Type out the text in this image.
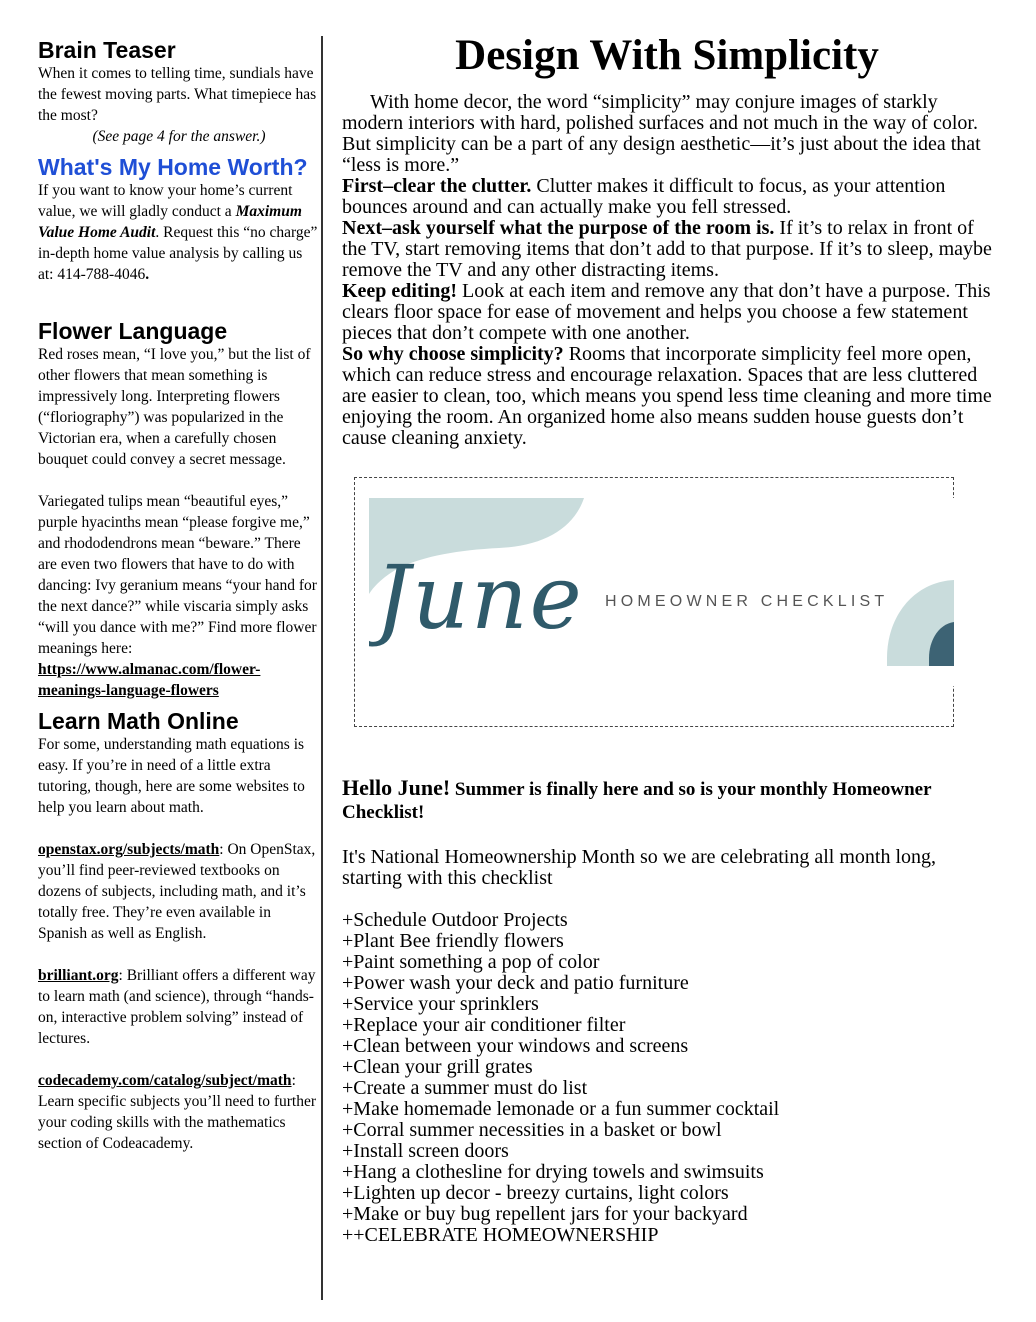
Brain Teaser

When it comes to telling time, sundials have the fewest moving parts. What timepiece has the most?

(See page 4 for the answer.)

What's My Home Worth?

If you want to know your home’s current value, we will gladly conduct a Maximum Value Home Audit. Request this “no charge” in-depth home value analysis by calling us at: 414-788-4046.

Flower Language

Red roses mean, “I love you,” but the list of other flowers that mean something is impressively long. Interpreting flowers (“floriography”) was popularized in the Victorian era, when a carefully chosen bouquet could convey a secret message.

Variegated tulips mean “beautiful eyes,” purple hyacinths mean “please forgive me,” and rhododendrons mean “beware.” There are even two flowers that have to do with dancing: Ivy geranium means “your hand for the next dance?” while viscaria simply asks “will you dance with me?” Find more flower meanings here:
https://www.almanac.com/flower-meanings-language-flowers

Learn Math Online

For some, understanding math equations is easy. If you’re in need of a little extra tutoring, though, here are some websites to help you learn about math.

openstax.org/subjects/math: On OpenStax, you’ll find peer-reviewed textbooks on dozens of subjects, including math, and it’s totally free. They’re even available in Spanish as well as English.

brilliant.org: Brilliant offers a different way to learn math (and science), through “hands-on, interactive problem solving” instead of lectures.

codecademy.com/catalog/subject/math: Learn specific subjects you’ll need to further your coding skills with the mathematics section of Codeacademy.

Design With Simplicity

With home decor, the word “simplicity” may conjure images of starkly modern interiors with hard, polished surfaces and not much in the way of color. But simplicity can be a part of any design aesthetic—it’s just about the idea that “less is more.”

First–clear the clutter. Clutter makes it difficult to focus, as your attention bounces around and can actually make you fell stressed.

Next–ask yourself what the purpose of the room is. If it’s to relax in front of the TV, start removing items that don’t add to that purpose. If it’s to sleep, maybe remove the TV and any other distracting items.

Keep editing! Look at each item and remove any that don’t have a purpose. This clears floor space for ease of movement and helps you choose a few statement pieces that don’t compete with one another.

So why choose simplicity? Rooms that incorporate simplicity feel more open, which can reduce stress and encourage relaxation. Spaces that are less cluttered are easier to clean, too, which means you spend less time cleaning and more time enjoying the room. An organized home also means sudden house guests don’t cause cleaning anxiety.

June HOMEOWNER CHECKLIST
Hello June! Summer is finally here and so is your monthly Homeowner Checklist!

It's National Homeownership Month so we are celebrating all month long, starting with this checklist

+Schedule Outdoor Projects
+Plant Bee friendly flowers
+Paint something a pop of color
+Power wash your deck and patio furniture
+Service your sprinklers
+Replace your air conditioner filter
+Clean between your windows and screens
+Clean your grill grates
+Create a summer must do list
+Make homemade lemonade or a fun summer cocktail
+Corral summer necessities in a basket or bowl
+Install screen doors
+Hang a clothesline for drying towels and swimsuits
+Lighten up decor - breezy curtains, light colors
+Make or buy bug repellent jars for your backyard
++CELEBRATE HOMEOWNERSHIP
